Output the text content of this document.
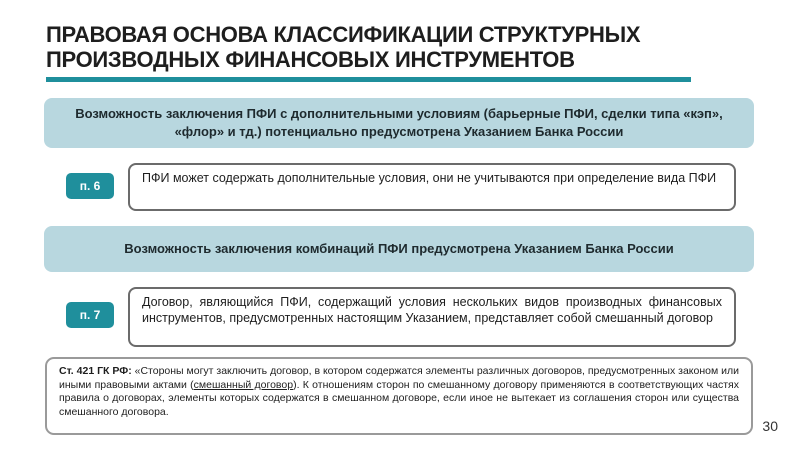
ПРАВОВАЯ ОСНОВА КЛАССИФИКАЦИИ СТРУКТУРНЫХ ПРОИЗВОДНЫХ ФИНАНСОВЫХ ИНСТРУМЕНТОВ
Возможность заключения ПФИ с дополнительными условиям (барьерные ПФИ, сделки типа «кэп», «флор» и тд.) потенциально предусмотрена Указанием Банка России
п. 6
ПФИ может содержать дополнительные условия, они не учитываются при определение вида ПФИ
Возможность заключения комбинаций ПФИ предусмотрена Указанием Банка России
п. 7
Договор, являющийся ПФИ, содержащий условия нескольких видов производных финансовых инструментов, предусмотренных настоящим Указанием, представляет собой смешанный договор
Ст. 421 ГК РФ: «Стороны могут заключить договор, в котором содержатся элементы различных договоров, предусмотренных законом или иными правовыми актами (смешанный договор). К отношениям сторон по смешанному договору применяются в соответствующих частях правила о договорах, элементы которых содержатся в смешанном договоре, если иное не вытекает из соглашения сторон или существа смешанного договора.
30
